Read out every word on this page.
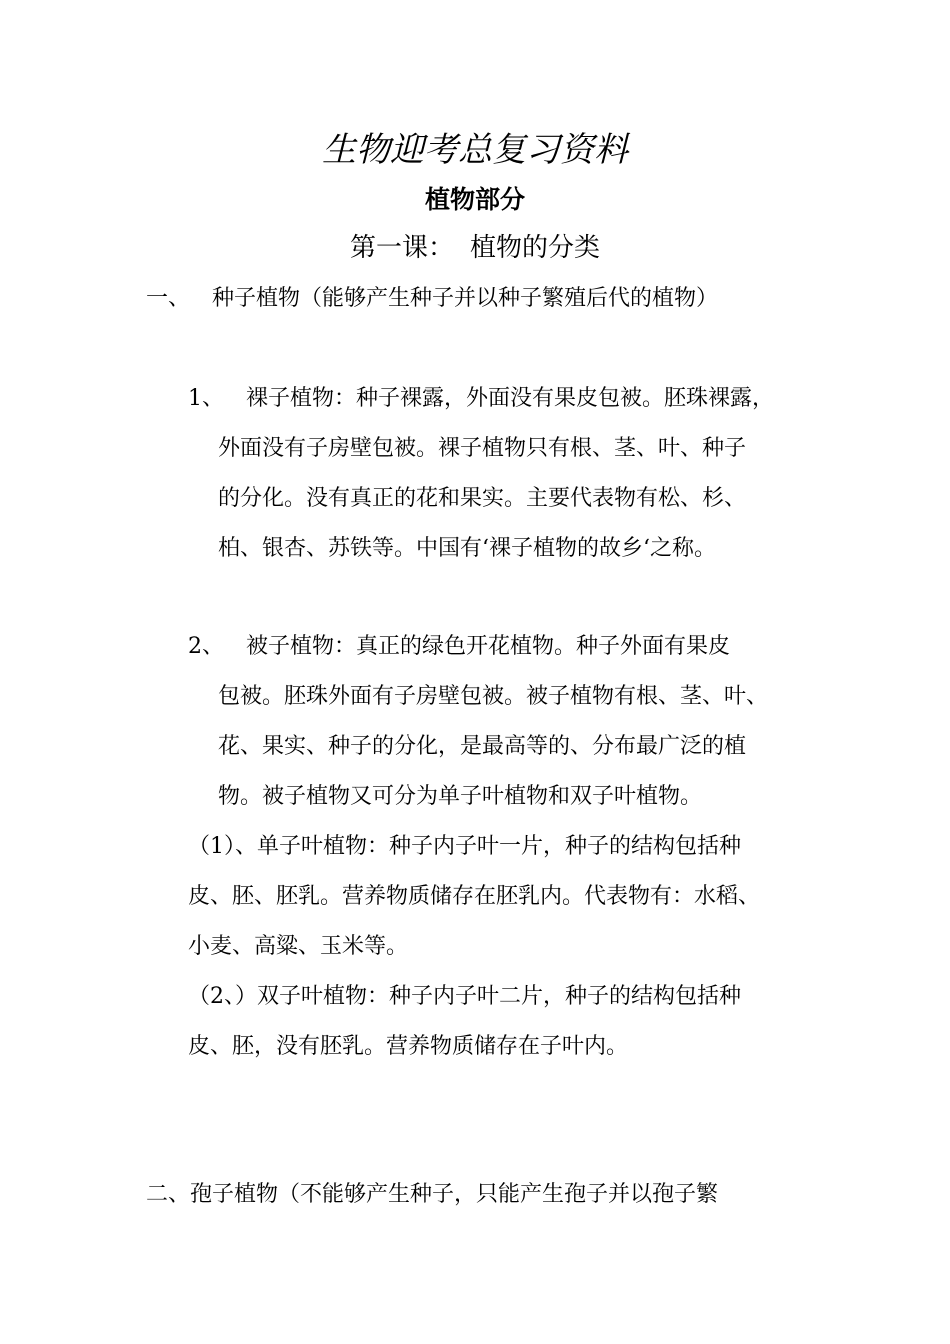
生物迎考总复习资料
植物部分
第一课： 植物的分类
一、 种子植物（能够产生种子并以种子繁殖后代的植物）
1、 裸子植物：种子裸露，外面没有果皮包被。胚珠裸露，
外面没有子房壁包被。裸子植物只有根、茎、叶、种子
的分化。没有真正的花和果实。主要代表物有松、杉、
柏、银杏、苏铁等。中国有‘裸子植物的故乡‘之称。
2、 被子植物：真正的绿色开花植物。种子外面有果皮
包被。胚珠外面有子房壁包被。被子植物有根、茎、叶、
花、果实、种子的分化，是最高等的、分布最广泛的植
物。被子植物又可分为单子叶植物和双子叶植物。
（1）、单子叶植物：种子内子叶一片，种子的结构包括种
皮、胚、胚乳。营养物质储存在胚乳内。代表物有：水稻、
小麦、高粱、玉米等。
（2、）双子叶植物：种子内子叶二片，种子的结构包括种
皮、胚，没有胚乳。营养物质储存在子叶内。
二、孢子植物（不能够产生种子，只能产生孢子并以孢子繁
